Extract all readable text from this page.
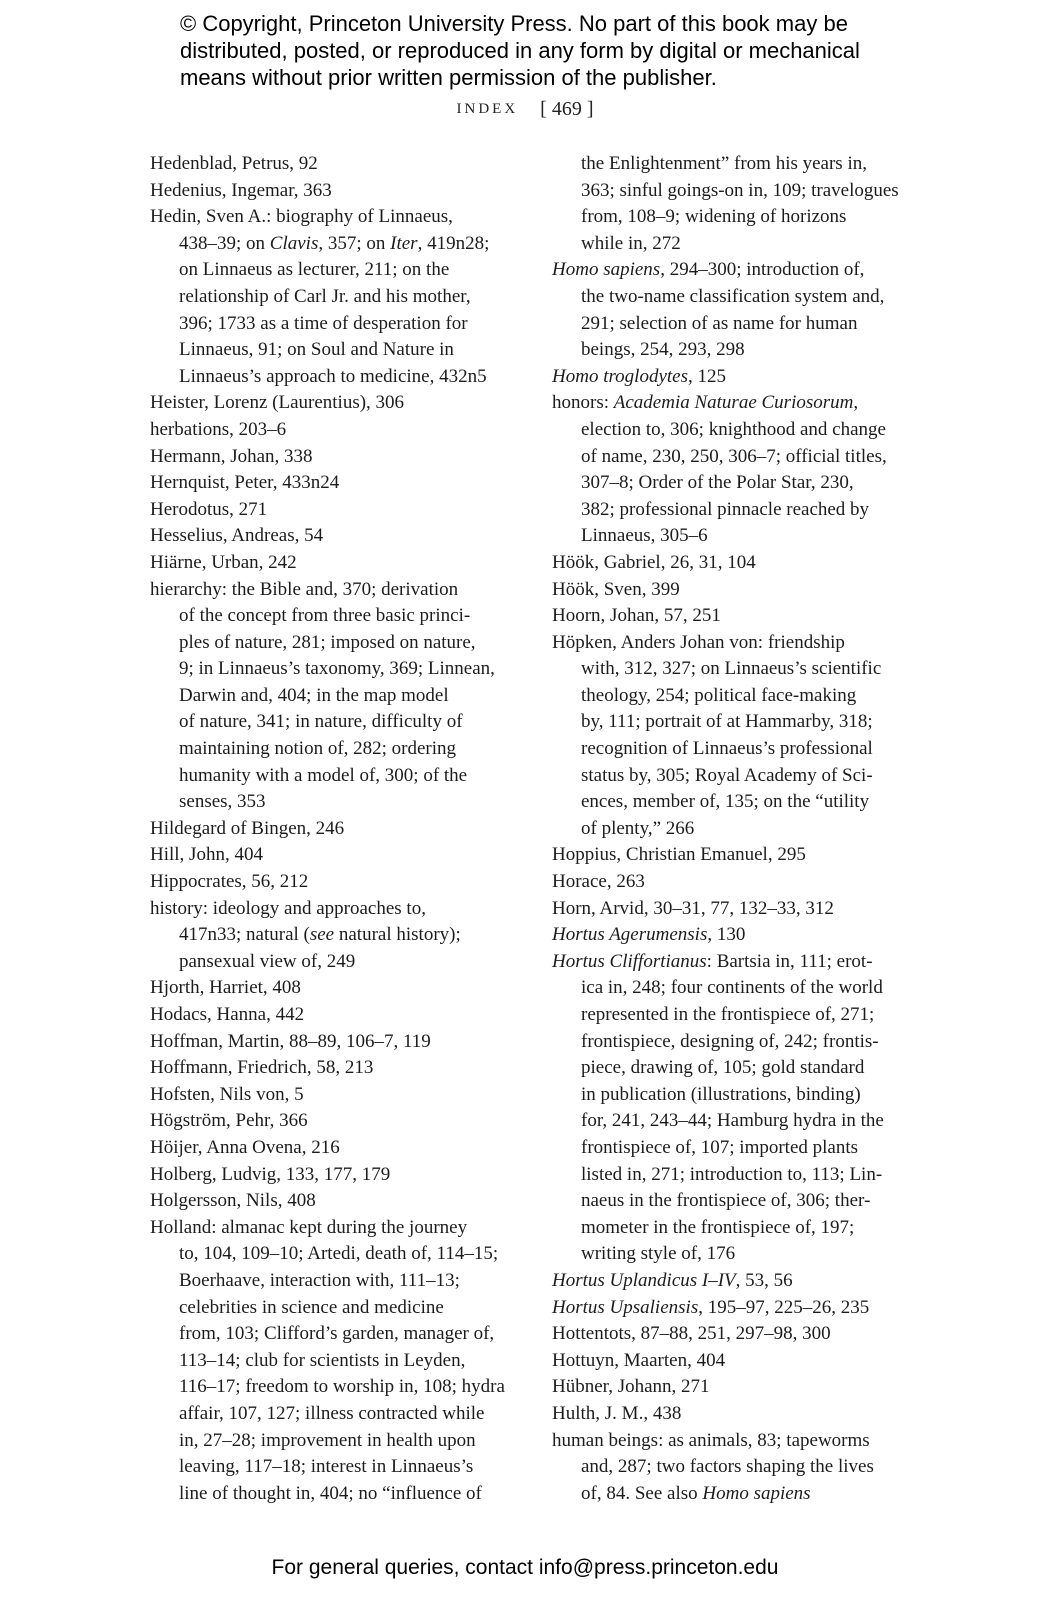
© Copyright, Princeton University Press. No part of this book may be
distributed, posted, or reproduced in any form by digital or mechanical
means without prior written permission of the publisher.
INDEX [ 469 ]
Hedenblad, Petrus, 92
Hedenius, Ingemar, 363
Hedin, Sven A.: biography of Linnaeus,
438–39; on Clavis, 357; on Iter, 419n28;
on Linnaeus as lecturer, 211; on the
relationship of Carl Jr. and his mother,
396; 1733 as a time of desperation for
Linnaeus, 91; on Soul and Nature in
Linnaeus’s approach to medicine, 432n5
Heister, Lorenz (Laurentius), 306
herbations, 203–6
Hermann, Johan, 338
Hernquist, Peter, 433n24
Herodotus, 271
Hesselius, Andreas, 54
Hiärne, Urban, 242
hierarchy: the Bible and, 370; derivation
of the concept from three basic princi-
ples of nature, 281; imposed on nature,
9; in Linnaeus’s taxonomy, 369; Linnean,
Darwin and, 404; in the map model
of nature, 341; in nature, difficulty of
maintaining notion of, 282; ordering
humanity with a model of, 300; of the
senses, 353
Hildegard of Bingen, 246
Hill, John, 404
Hippocrates, 56, 212
history: ideology and approaches to,
417n33; natural (see natural history);
pansexual view of, 249
Hjorth, Harriet, 408
Hodacs, Hanna, 442
Hoffman, Martin, 88–89, 106–7, 119
Hoffmann, Friedrich, 58, 213
Hofsten, Nils von, 5
Högström, Pehr, 366
Höijer, Anna Ovena, 216
Holberg, Ludvig, 133, 177, 179
Holgersson, Nils, 408
Holland: almanac kept during the journey
to, 104, 109–10; Artedi, death of, 114–15;
Boerhaave, interaction with, 111–13;
celebrities in science and medicine
from, 103; Clifford’s garden, manager of,
113–14; club for scientists in Leyden,
116–17; freedom to worship in, 108; hydra
affair, 107, 127; illness contracted while
in, 27–28; improvement in health upon
leaving, 117–18; interest in Linnaeus’s
line of thought in, 404; no “influence of
the Enlightenment” from his years in,
363; sinful goings-on in, 109; travelogues
from, 108–9; widening of horizons
while in, 272
Homo sapiens, 294–300; introduction of,
the two-name classification system and,
291; selection of as name for human
beings, 254, 293, 298
Homo troglodytes, 125
honors: Academia Naturae Curiosorum,
election to, 306; knighthood and change
of name, 230, 250, 306–7; official titles,
307–8; Order of the Polar Star, 230,
382; professional pinnacle reached by
Linnaeus, 305–6
Höök, Gabriel, 26, 31, 104
Höök, Sven, 399
Hoorn, Johan, 57, 251
Höpken, Anders Johan von: friendship
with, 312, 327; on Linnaeus’s scientific
theology, 254; political face-making
by, 111; portrait of at Hammarby, 318;
recognition of Linnaeus’s professional
status by, 305; Royal Academy of Sci-
ences, member of, 135; on the “utility
of plenty,” 266
Hoppius, Christian Emanuel, 295
Horace, 263
Horn, Arvid, 30–31, 77, 132–33, 312
Hortus Agerumensis, 130
Hortus Cliffortianus: Bartsia in, 111; erot-
ica in, 248; four continents of the world
represented in the frontispiece of, 271;
frontispiece, designing of, 242; frontis-
piece, drawing of, 105; gold standard
in publication (illustrations, binding)
for, 241, 243–44; Hamburg hydra in the
frontispiece of, 107; imported plants
listed in, 271; introduction to, 113; Lin-
naeus in the frontispiece of, 306; ther-
mometer in the frontispiece of, 197;
writing style of, 176
Hortus Uplandicus I–IV, 53, 56
Hortus Upsaliensis, 195–97, 225–26, 235
Hottentots, 87–88, 251, 297–98, 300
Hottuyn, Maarten, 404
Hübner, Johann, 271
Hulth, J. M., 438
human beings: as animals, 83; tapeworms
and, 287; two factors shaping the lives
of, 84. See also Homo sapiens
For general queries, contact info@press.princeton.edu
